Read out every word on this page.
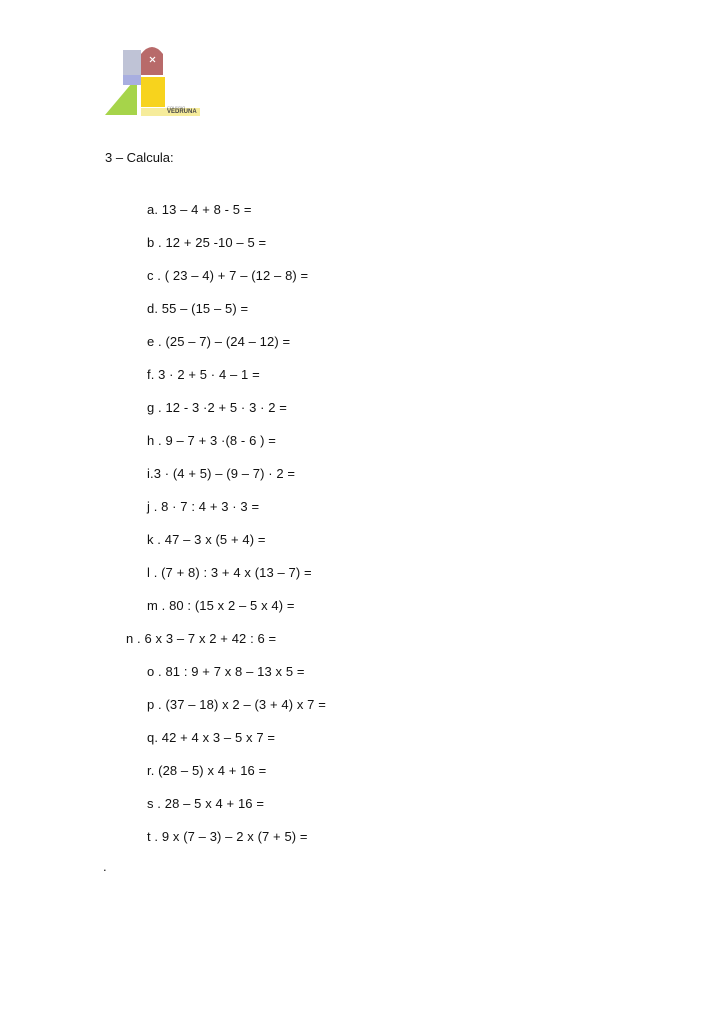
COLEGIO
VEDRUNA
3 – Calcula:
a. 13 – 4 + 8 - 5 =
b . 12 + 25 -10 – 5 =
c . ( 23 – 4) + 7 – (12 – 8) =
d. 55 – (15 – 5) =
e . (25 – 7) – (24 – 12) =
f. 3 · 2 + 5 · 4 – 1 =
g . 12 - 3 ·2 + 5 · 3 · 2 =
h . 9 – 7 + 3 ·(8 - 6 ) =
i.3 · (4 + 5) – (9 – 7) · 2 =
j . 8 · 7 : 4 + 3 · 3 =
k . 47 – 3 x (5 + 4) =
l . (7 + 8) : 3 + 4 x (13 – 7) =
m . 80 : (15 x 2 – 5 x 4) =
n . 6 x 3 – 7 x 2 + 42 : 6 =
o . 81 : 9 + 7 x 8 – 13 x 5 =
p . (37 – 18) x 2 – (3 + 4) x 7 =
q. 42 + 4 x 3 – 5 x 7 =
r. (28 – 5) x 4 + 16 =
s . 28 – 5 x 4 + 16 =
t . 9 x (7 – 3) – 2 x (7 + 5) =
.
